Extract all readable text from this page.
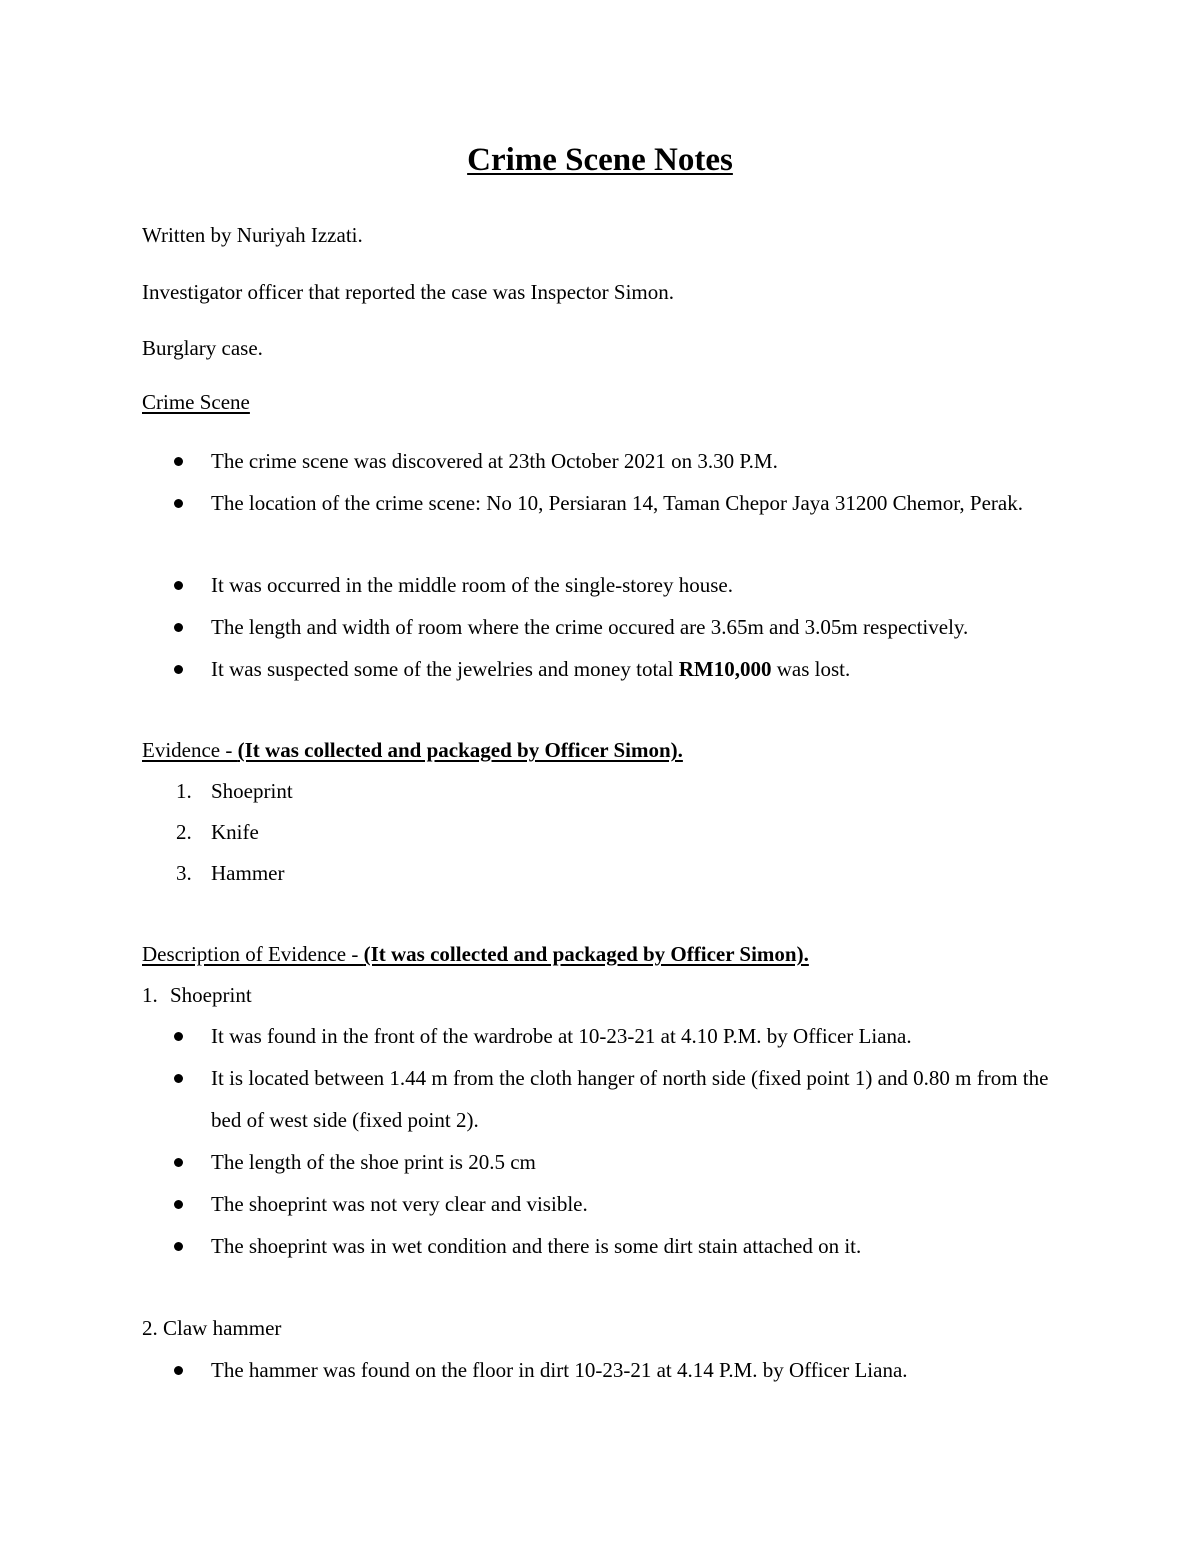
Crime Scene Notes
Written by Nuriyah Izzati.
Investigator officer that reported the case was Inspector Simon.
Burglary case.
Crime Scene
The crime scene was discovered at 23th October 2021 on 3.30 P.M.
The location of the crime scene: No 10, Persiaran 14, Taman Chepor Jaya 31200 Chemor, Perak.
It was occurred in the middle room of the single-storey house.
The length and width of room where the crime occured are 3.65m and 3.05m respectively.
It was suspected some of the jewelries and money total RM10,000 was lost.
Evidence - (It was collected and packaged by Officer Simon).
1. Shoeprint
2. Knife
3. Hammer
Description of Evidence - (It was collected and packaged by Officer Simon).
1. Shoeprint
It was found in the front of the wardrobe at 10-23-21 at 4.10 P.M. by Officer Liana.
It is located between 1.44 m from the cloth hanger of north side (fixed point 1) and 0.80 m from the bed of west side (fixed point 2).
The length of the shoe print is 20.5 cm
The shoeprint was not very clear and visible.
The shoeprint was in wet condition and there is some dirt stain attached on it.
2. Claw hammer
The hammer was found on the floor in dirt 10-23-21 at 4.14 P.M. by Officer Liana.
